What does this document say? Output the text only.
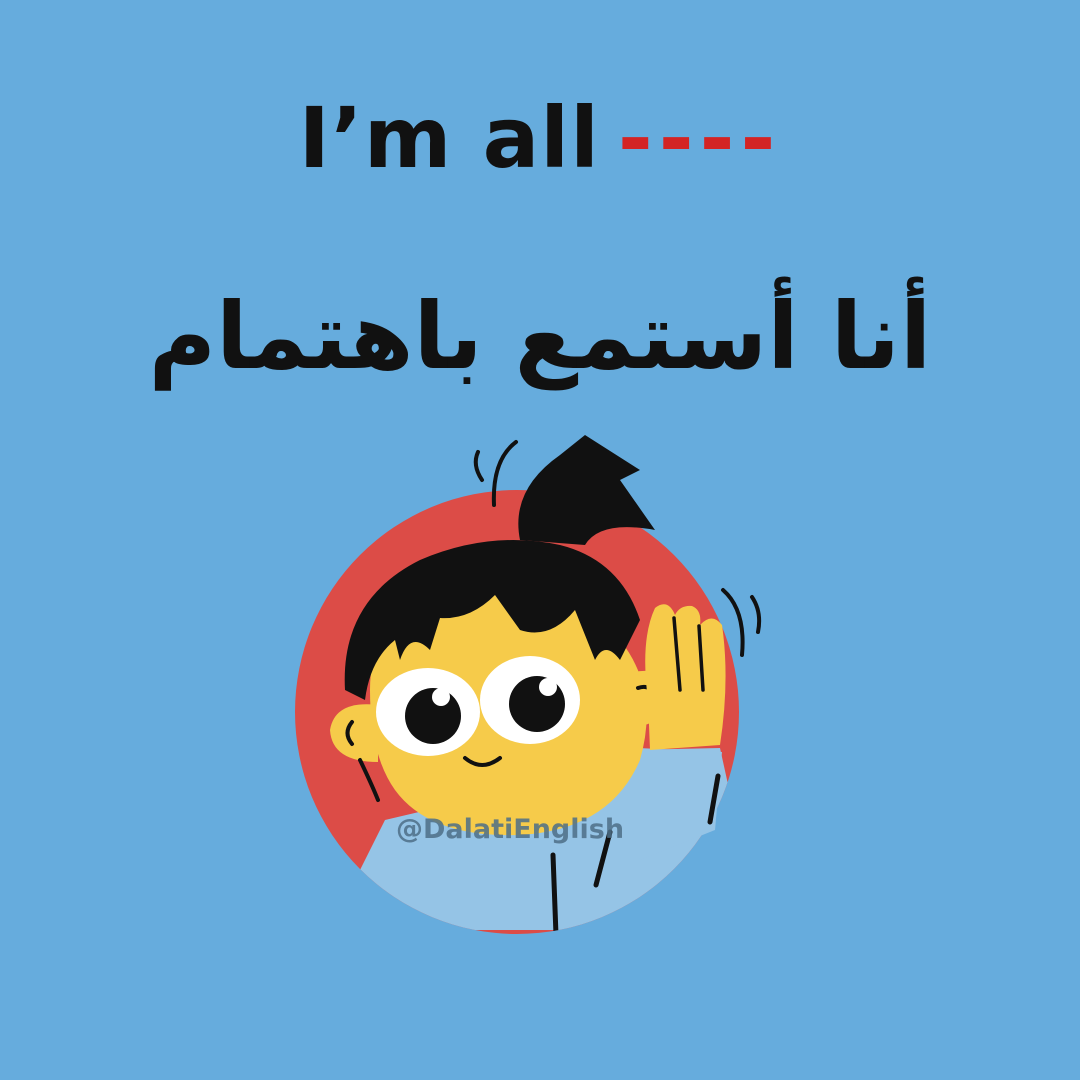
I’m all ----
أنا أستمع باهتمام
@DalatiEnglish
